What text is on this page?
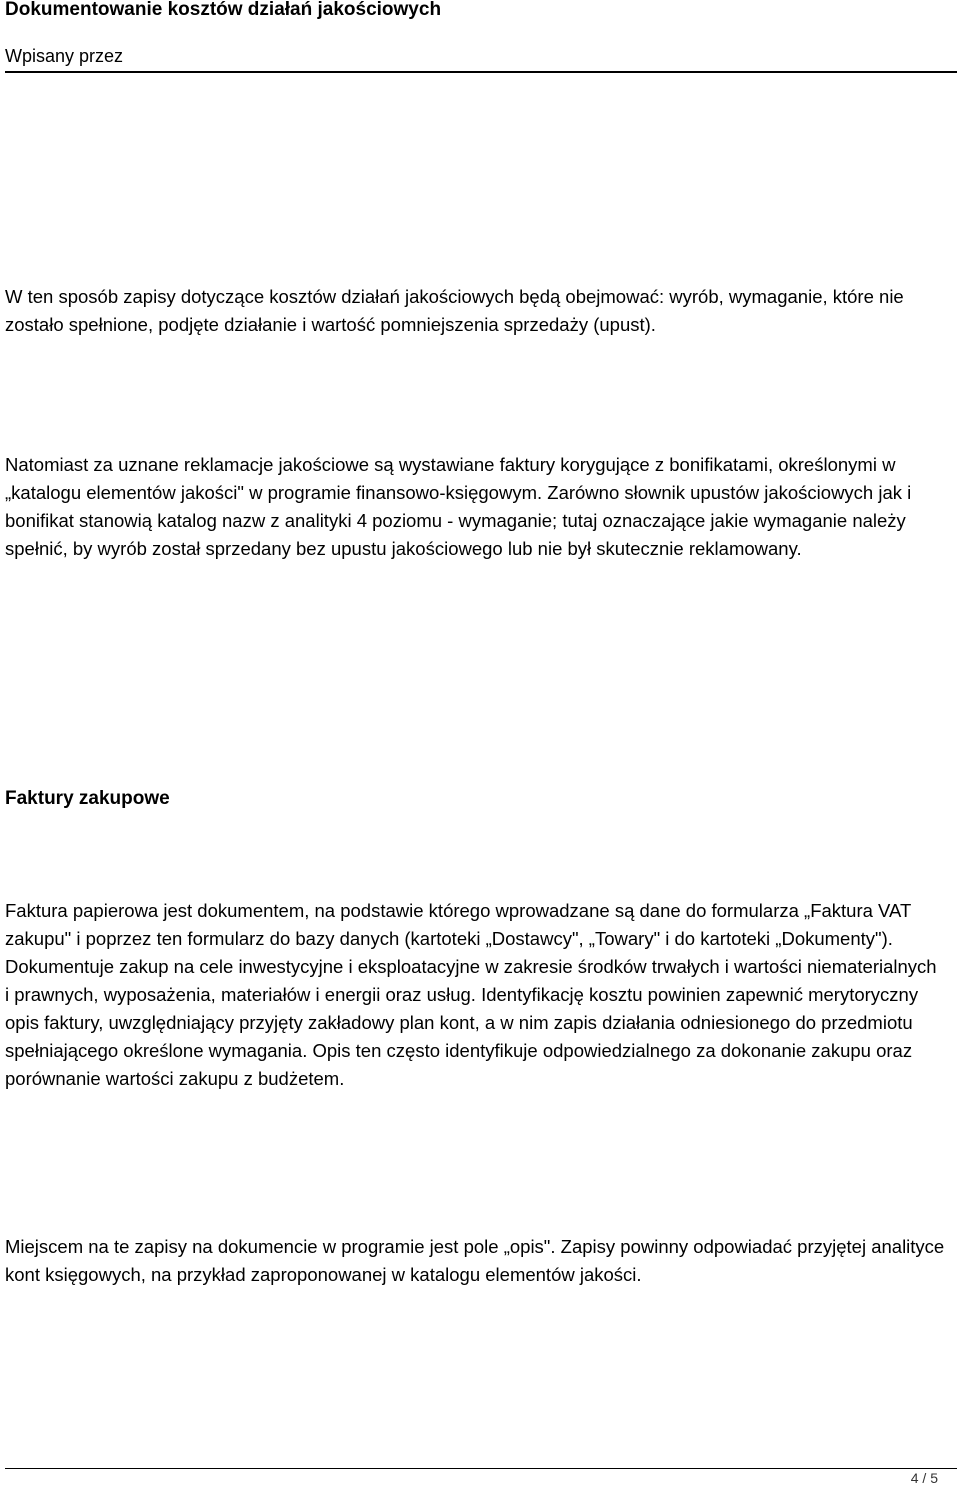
Dokumentowanie kosztów działań jakościowych
Wpisany przez

W ten sposób zapisy dotyczące kosztów działań jakościowych będą obejmować: wyrób, wymaganie, które nie zostało spełnione, podjęte działanie i wartość pomniejszenia sprzedaży (upust).

Natomiast za uznane reklamacje jakościowe są wystawiane faktury korygujące z bonifikatami, określonymi w „katalogu elementów jakości" w programie finansowo-księgowym. Zarówno słownik upustów jakościowych jak i bonifikat stanowią katalog nazw z analityki 4 poziomu - wymaganie; tutaj oznaczające jakie wymaganie należy spełnić, by wyrób został sprzedany bez upustu jakościowego lub nie był skutecznie reklamowany.

Faktury zakupowe

Faktura papierowa jest dokumentem, na podstawie którego wprowadzane są dane do formularza „Faktura VAT zakupu" i poprzez ten formularz do bazy danych (kartoteki „Dostawcy", „Towary" i do kartoteki „Dokumenty"). Dokumentuje zakup na cele inwestycyjne i eksploatacyjne w zakresie środków trwałych i wartości niematerialnych i prawnych, wyposażenia, materiałów i energii oraz usług. Identyfikację kosztu powinien zapewnić merytoryczny opis faktury, uwzględniający przyjęty zakładowy plan kont, a w nim zapis działania odniesionego do przedmiotu spełniającego określone wymagania. Opis ten często identyfikuje odpowiedzialnego za dokonanie zakupu oraz porównanie wartości zakupu z budżetem.

Miejscem na te zapisy na dokumencie w programie jest pole „opis". Zapisy powinny odpowiadać przyjętej analityce kont księgowych, na przykład zaproponowanej w katalogu elementów jakości.

4 / 5
